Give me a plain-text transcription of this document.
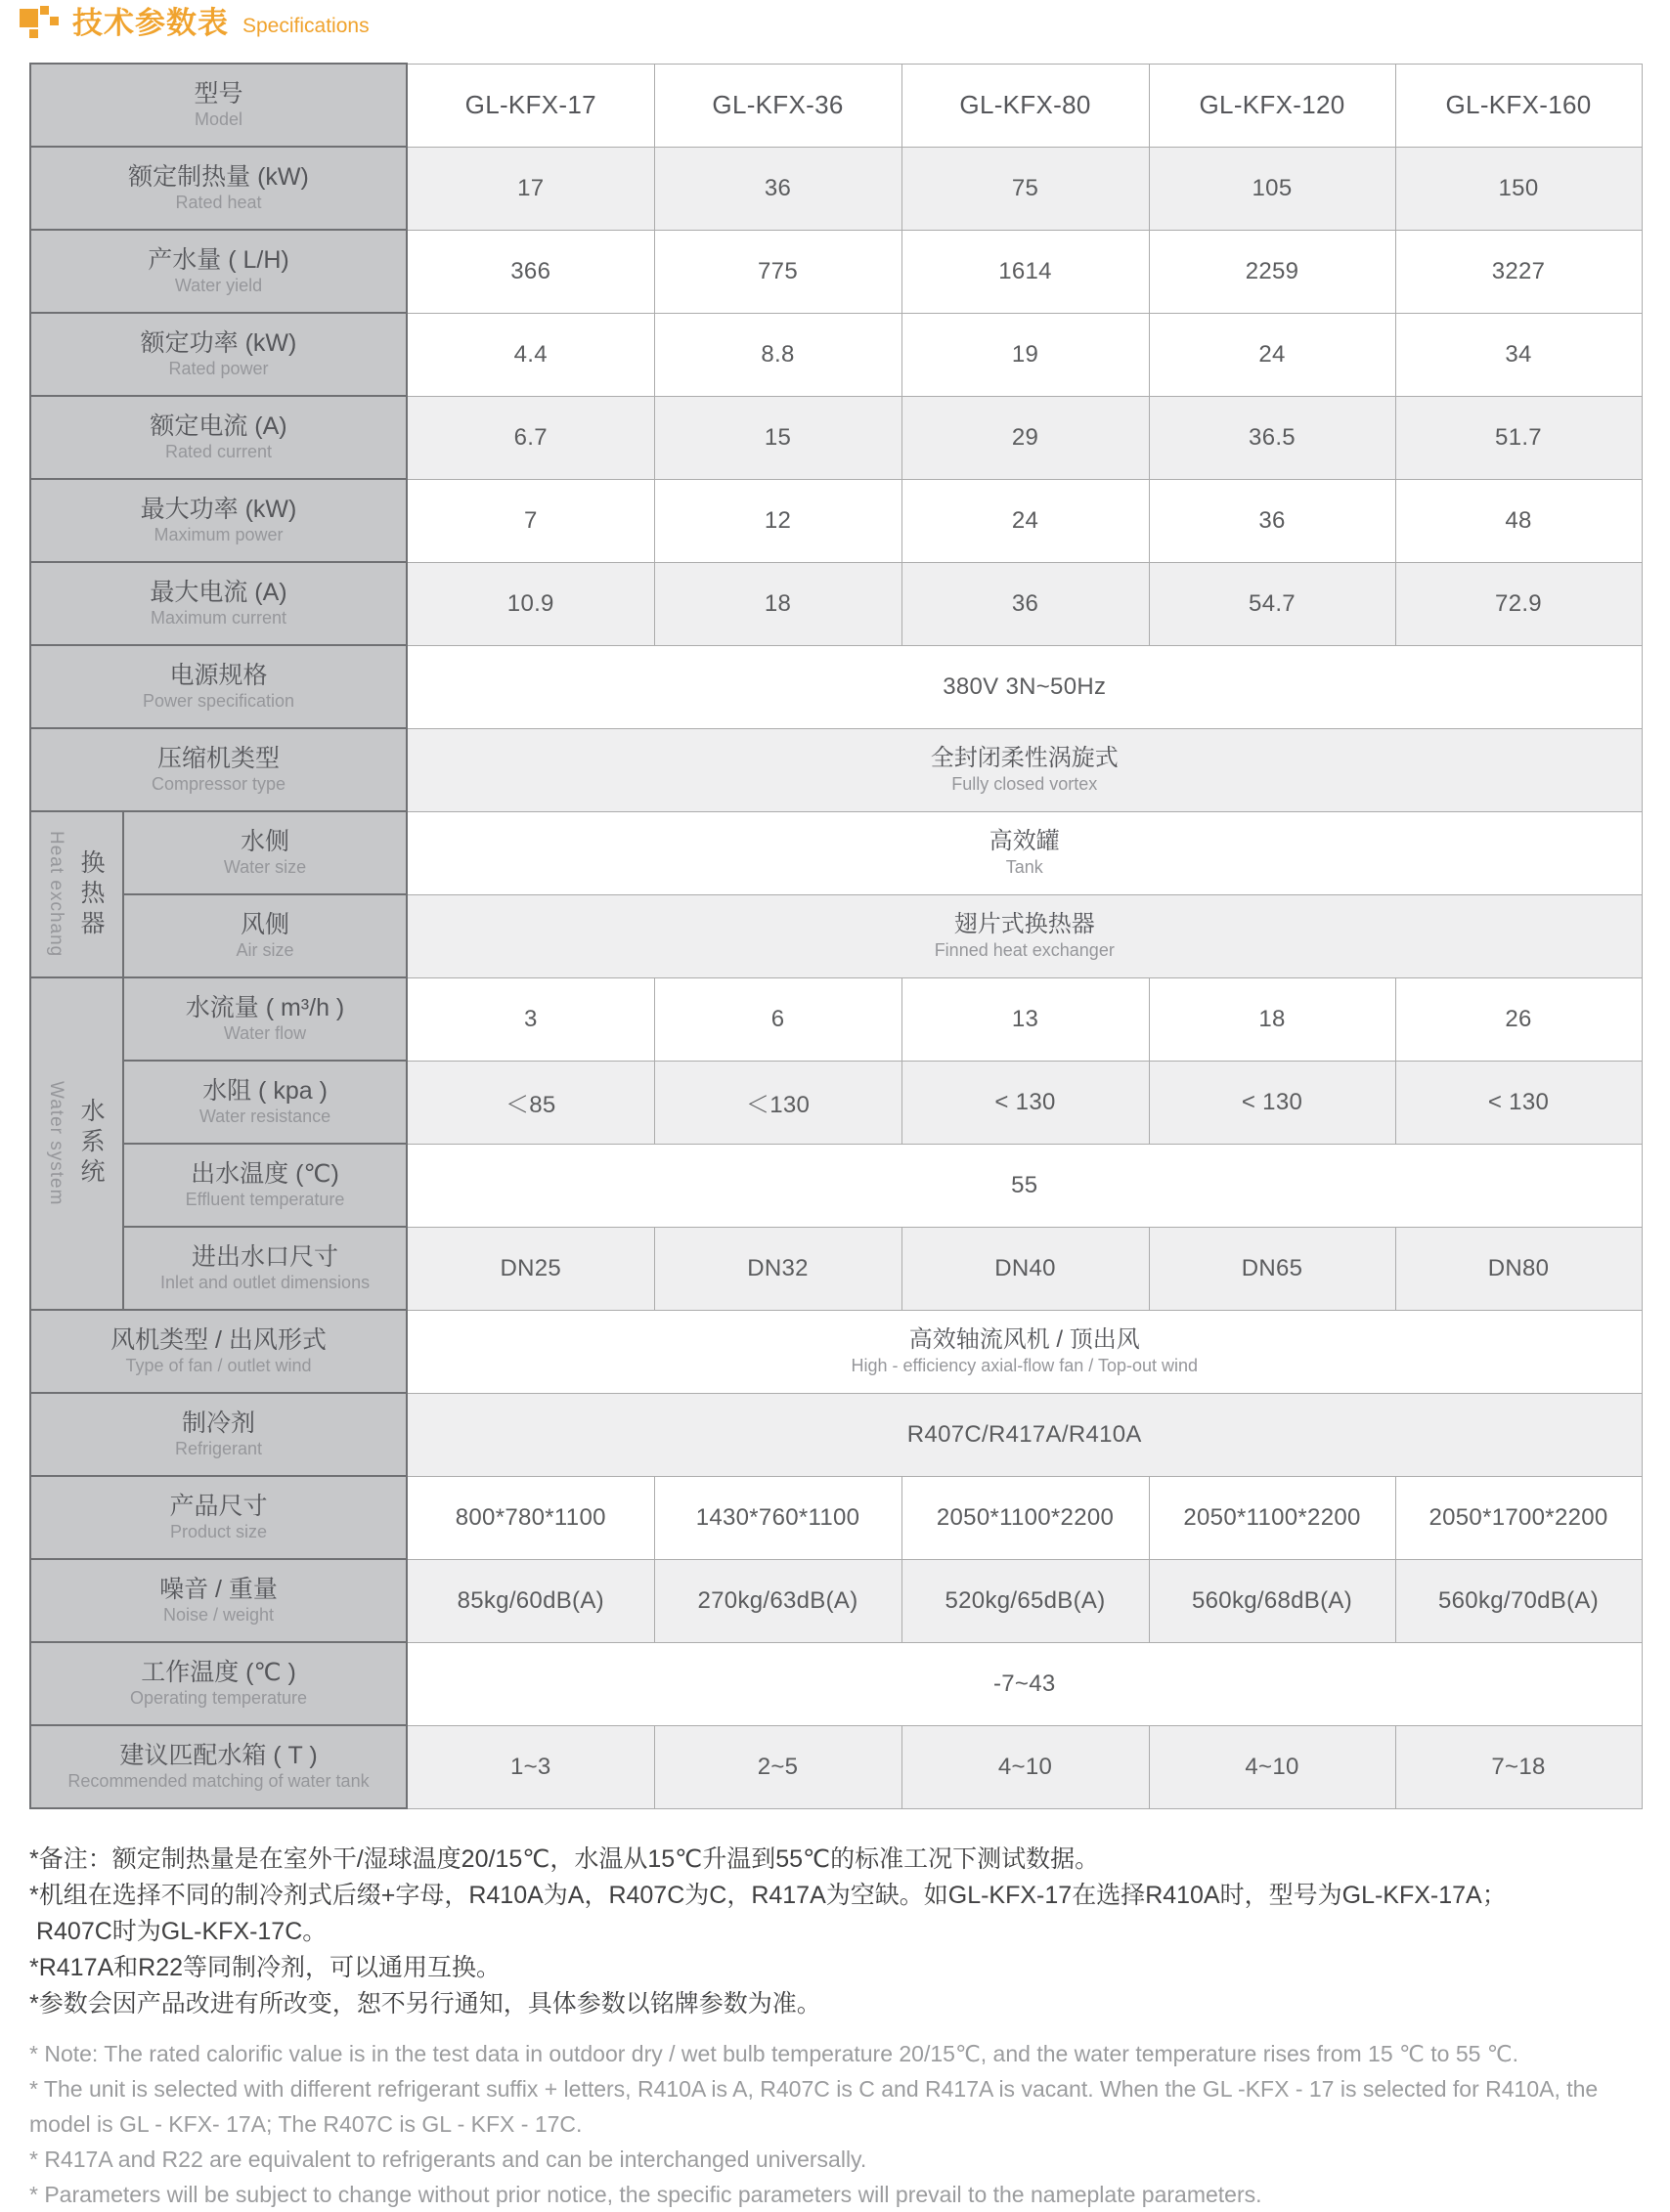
技术参数表 Specifications
型号
Model		GL-KFX-17	GL-KFX-36	GL-KFX-80	GL-KFX-120	GL-KFX-160

额定制热量 (kW)
Rated heat		17	36	75	105	150

产水量 ( L/H)
Water yield		366	775	1614	2259	3227

额定功率 (kW)
Rated power		4.4	8.8	19	24	34

额定电流 (A)
Rated current		6.7	15	29	36.5	51.7

最大功率 (kW)
Maximum power		7	12	24	36	48

最大电流 (A)
Maximum current		10.9	18	36	54.7	72.9

电源规格
Power specification		380V 3N~50Hz				

压缩机类型
Compressor type		全封闭柔性涡旋式
Fully closed vortex				

Heat exchang 换热器	水侧
Water size	高效罐
Tank				

	风侧
Air size	翅片式换热器
Finned heat exchanger				

Water system 水系统	水流量 ( m³/h )
Water flow	3	6	13	18	26

	水阻 ( kpa )
Water resistance	＜85	＜130	< 130	< 130	< 130

	出水温度 (℃)
Effluent temperature	55				

	进出水口尺寸
Inlet and outlet dimensions	DN25	DN32	DN40	DN65	DN80

风机类型 / 出风形式
Type of fan / outlet wind		高效轴流风机 / 顶出风
High - efficiency axial-flow fan / Top-out wind				

制冷剂
Refrigerant		R407C/R417A/R410A				

产品尺寸
Product size		800*780*1100	1430*760*1100	2050*1100*2200	2050*1100*2200	2050*1700*2200

噪音 / 重量
Noise / weight		85kg/60dB(A)	270kg/63dB(A)	520kg/65dB(A)	560kg/68dB(A)	560kg/70dB(A)

工作温度 (℃ )
Operating temperature		-7~43				

建议匹配水箱 ( T )
Recommended matching of water tank		1~3	2~5	4~10	4~10	7~18

*备注：额定制热量是在室外干/湿球温度20/15℃，水温从15℃升温到55℃的标准工况下测试数据。

*机组在选择不同的制冷剂式后缀+字母，R410A为A，R407C为C，R417A为空缺。如GL-KFX-17在选择R410A时，型号为GL-KFX-17A；

R407C时为GL-KFX-17C。

*R417A和R22等同制冷剂，可以通用互换。

*参数会因产品改进有所改变，恕不另行通知，具体参数以铭牌参数为准。

* Note: The rated calorific value is in the test data in outdoor dry / wet bulb temperature 20/15℃, and the water temperature rises from 15 ℃ to 55 ℃.

* The unit is selected with different refrigerant suffix + letters, R410A is A, R407C is C and R417A is vacant. When the GL -KFX - 17 is selected for R410A, the

model is GL - KFX- 17A; The R407C is GL - KFX - 17C.

* R417A and R22 are equivalent to refrigerants and can be interchanged universally.

* Parameters will be subject to change without prior notice, the specific parameters will prevail to the nameplate parameters.
